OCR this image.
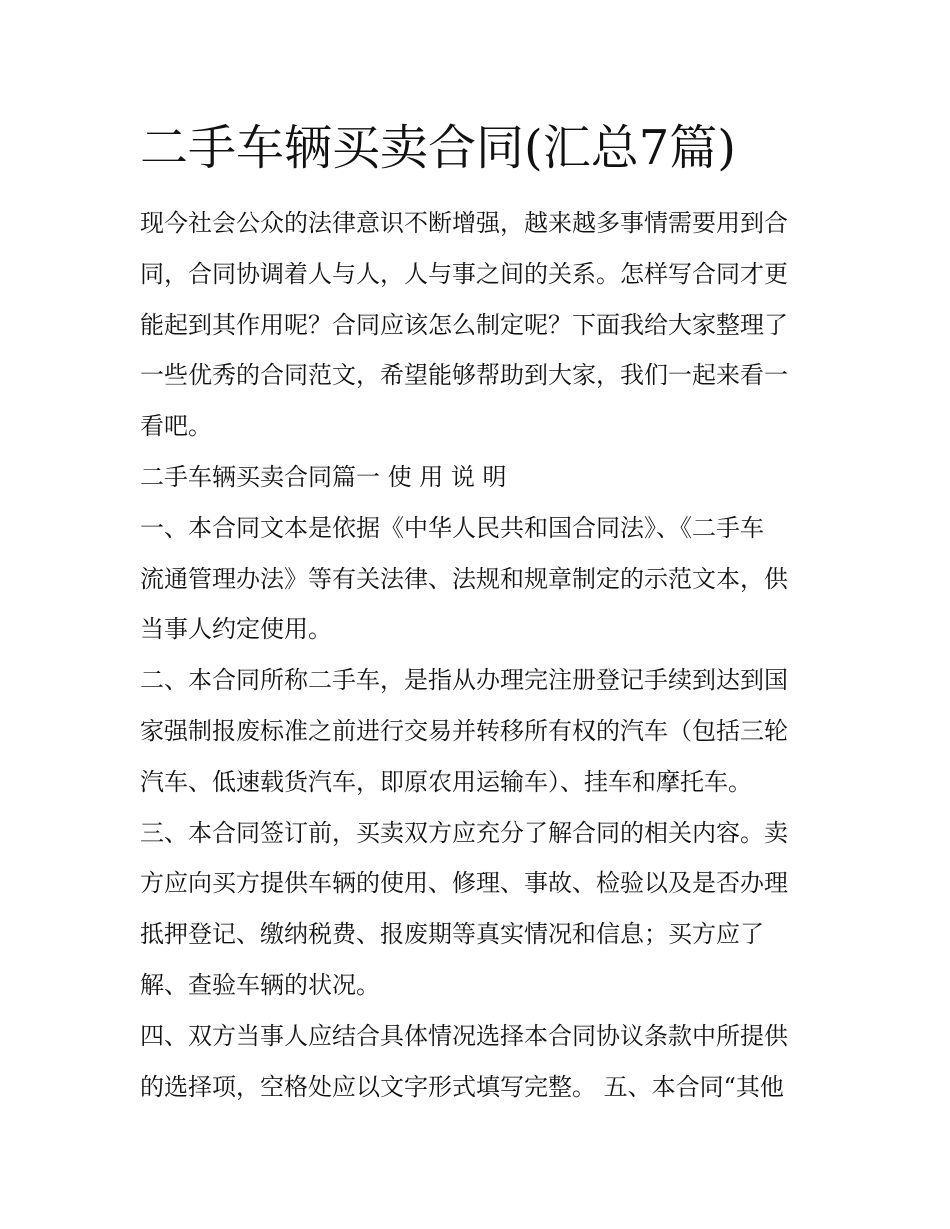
二手车辆买卖合同(汇总7篇)
现今社会公众的法律意识不断增强，越来越多事情需要用到合
同，合同协调着人与人，人与事之间的关系。怎样写合同才更
能起到其作用呢？合同应该怎么制定呢？下面我给大家整理了
一些优秀的合同范文，希望能够帮助到大家，我们一起来看一
看吧。
二手车辆买卖合同篇一 使 用 说 明
一、本合同文本是依据《中华人民共和国合同法》、《二手车
流通管理办法》等有关法律、法规和规章制定的示范文本，供
当事人约定使用。
二、本合同所称二手车，是指从办理完注册登记手续到达到国
家强制报废标准之前进行交易并转移所有权的汽车（包括三轮
汽车、低速载货汽车，即原农用运输车）、挂车和摩托车。
三、本合同签订前，买卖双方应充分了解合同的相关内容。卖
方应向买方提供车辆的使用、修理、事故、检验以及是否办理
抵押登记、缴纳税费、报废期等真实情况和信息；买方应了
解、查验车辆的状况。
四、双方当事人应结合具体情况选择本合同协议条款中所提供
的选择项，空格处应以文字形式填写完整。 五、本合同“其他
